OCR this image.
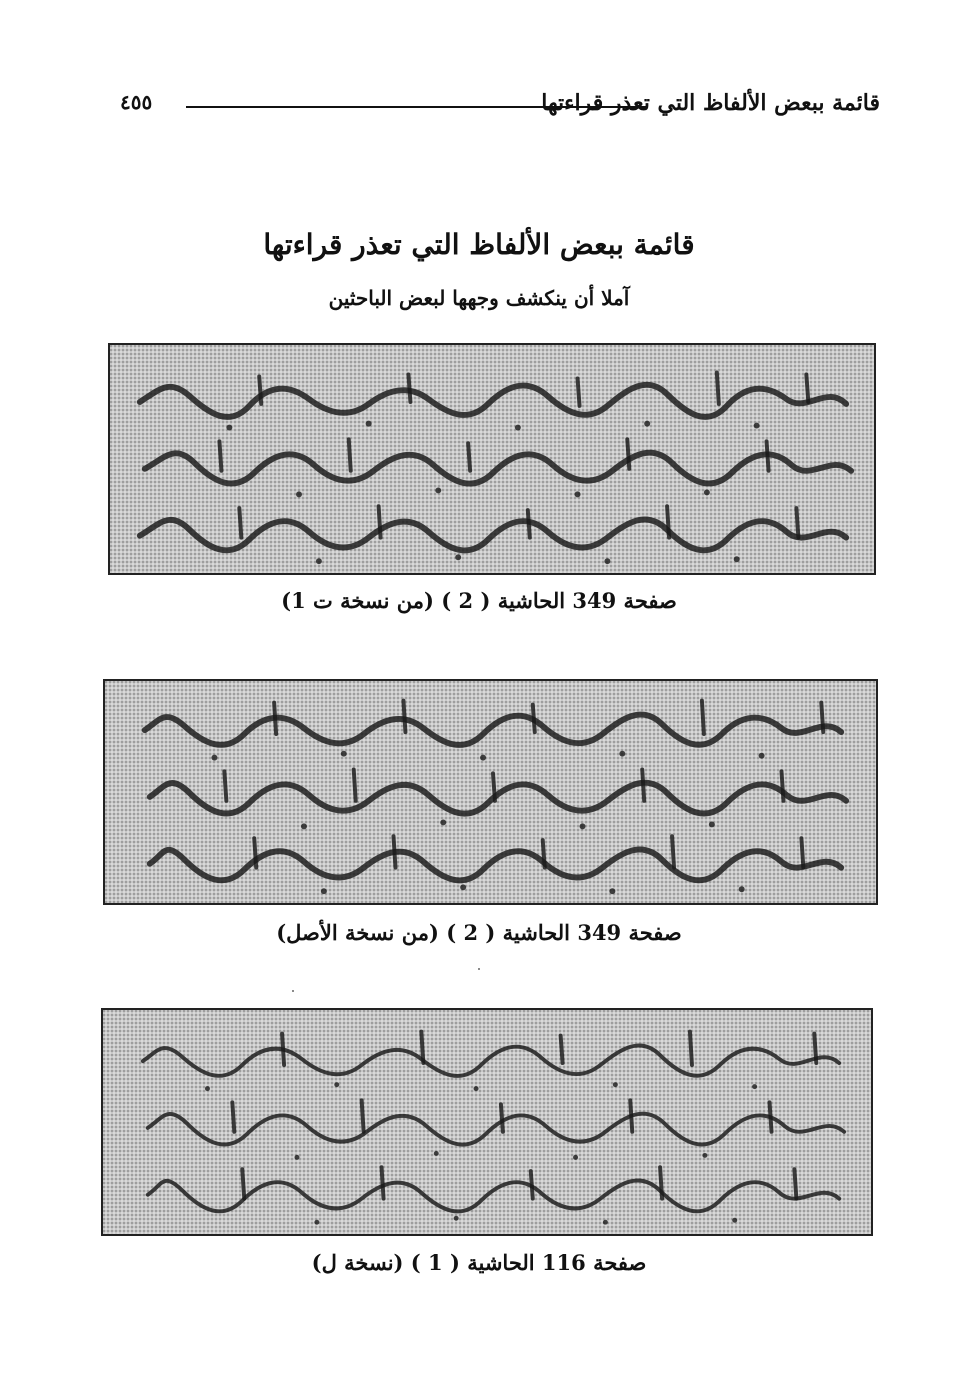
٤٥٥	قائمة ببعض الألفاظ التي تعذر قراءتها
قائمة ببعض الألفاظ التي تعذر قراءتها
آملا أن ينكشف وجهها لبعض الباحثين
صفحة 349 الحاشية ( 2 ) (من نسخة ت 1)
صفحة 349 الحاشية ( 2 ) (من نسخة الأصل)
صفحة 116 الحاشية ( 1 ) (نسخة ل)
